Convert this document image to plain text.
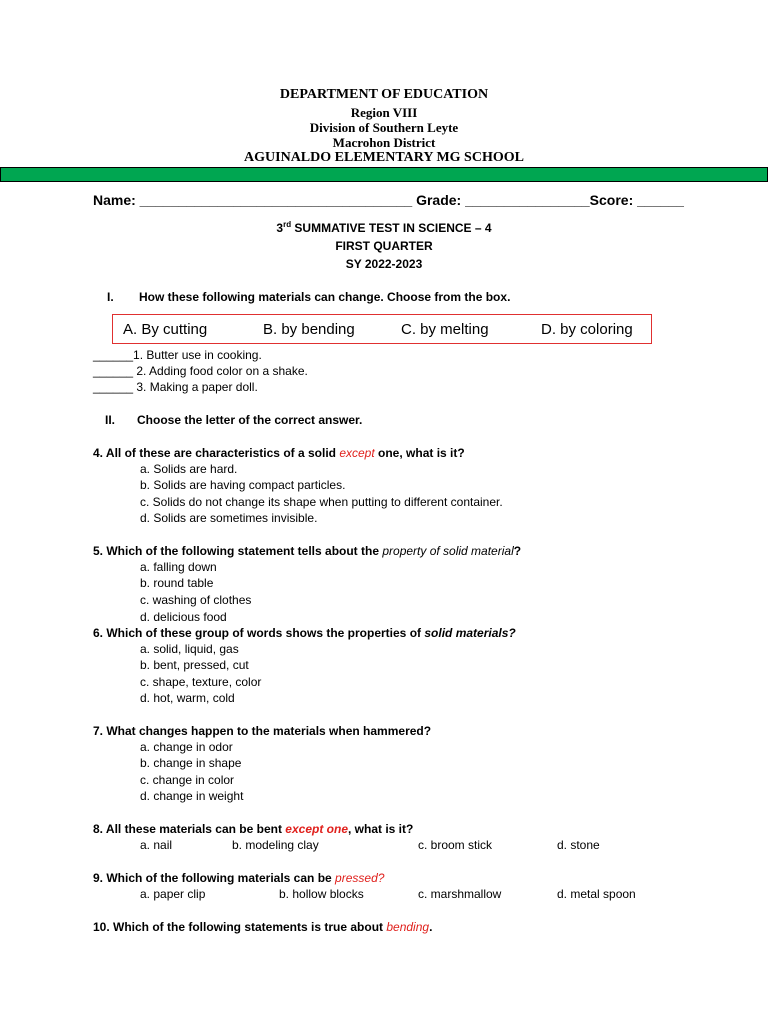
DEPARTMENT OF EDUCATION
Region VIII
Division of Southern Leyte
Macrohon District
AGUINALDO ELEMENTARY MG SCHOOL
Name: ___________________________________ Grade: ________________Score: ______
3rd SUMMATIVE TEST IN SCIENCE – 4
FIRST QUARTER
SY 2022-2023
I. How these following materials can change. Choose from the box.
A. By cutting	B. by bending	C. by melting	D. by coloring
______1. Butter use in cooking.
______ 2. Adding food color on a shake.
______ 3. Making a paper doll.
II. Choose the letter of the correct answer.
4. All of these are characteristics of a solid except one, what is it?
a. Solids are hard.
b. Solids are having compact particles.
c. Solids do not change its shape when putting to different container.
d. Solids are sometimes invisible.
5. Which of the following statement tells about the property of solid material?
a. falling down
b. round table
c. washing of clothes
d. delicious food
6. Which of these group of words shows the properties of solid materials?
a. solid, liquid, gas
b. bent, pressed, cut
c. shape, texture, color
d. hot, warm, cold
7. What changes happen to the materials when hammered?
a. change in odor
b. change in shape
c. change in color
d. change in weight
8. All these materials can be bent except one, what is it?
a. nail	b. modeling clay	c. broom stick	d. stone
9. Which of the following materials can be pressed?
a. paper clip	b. hollow blocks	c. marshmallow	d. metal spoon
10. Which of the following statements is true about bending.
